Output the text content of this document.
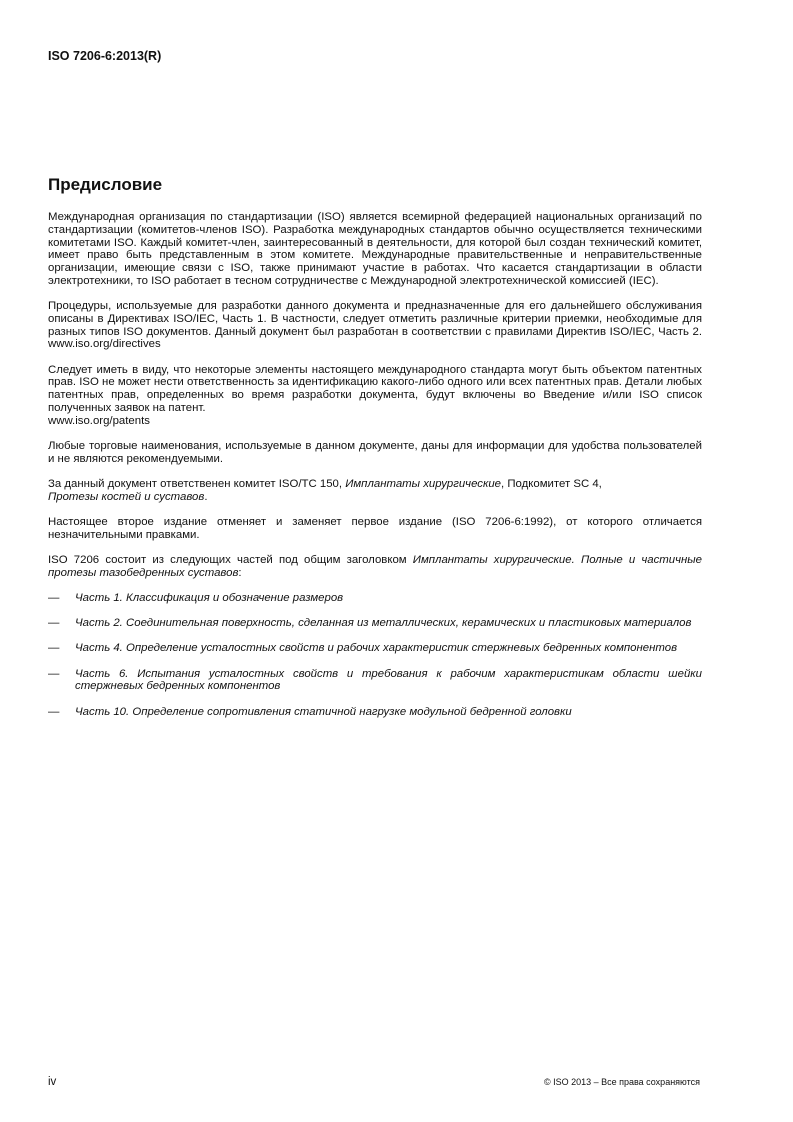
ISO 7206-6:2013(R)
Предисловие

Международная организация по стандартизации (ISO) является всемирной федерацией национальных организаций по стандартизации (комитетов-членов ISO). Разработка международных стандартов обычно осуществляется техническими комитетами ISO. Каждый комитет-член, заинтересованный в деятельности, для которой был создан технический комитет, имеет право быть представленным в этом комитете. Международные правительственные и неправительственные организации, имеющие связи с ISO, также принимают участие в работах. Что касается стандартизации в области электротехники, то ISO работает в тесном сотрудничестве с Международной электротехнической комиссией (IEC).

Процедуры, используемые для разработки данного документа и предназначенные для его дальнейшего обслуживания описаны в Директивах ISO/IEC, Часть 1. В частности, следует отметить различные критерии приемки, необходимые для разных типов ISO документов. Данный документ был разработан в соответствии с правилами Директив ISO/IEC, Часть 2. www.iso.org/directives

Следует иметь в виду, что некоторые элементы настоящего международного стандарта могут быть объектом патентных прав. ISO не может нести ответственность за идентификацию какого-либо одного или всех патентных прав. Детали любых патентных прав, определенных во время разработки документа, будут включены во Введение и/или ISO список полученных заявок на патент.
www.iso.org/patents

Любые торговые наименования, используемые в данном документе, даны для информации для удобства пользователей и не являются рекомендуемыми.

За данный документ ответственен комитет ISO/TC 150, Имплантаты хирургические, Подкомитет SC 4,
Протезы костей и суставов.

Настоящее второе издание отменяет и заменяет первое издание (ISO 7206-6:1992), от которого отличается незначительными правками.

ISO 7206 состоит из следующих частей под общим заголовком Имплантаты хирургические. Полные и частичные протезы тазобедренных суставов:

—	Часть 1. Классификация и обозначение размеров
—	Часть 2. Соединительная поверхность, сделанная из металлических, керамических и пластиковых материалов
—	Часть 4. Определение усталостных свойств и рабочих характеристик стержневых бедренных компонентов
—	Часть 6. Испытания усталостных свойств и требования к рабочим характеристикам области шейки стержневых бедренных компонентов
—	Часть 10. Определение сопротивления статичной нагрузке модульной бедренной головки
iv	© ISO 2013 – Все права сохраняются
